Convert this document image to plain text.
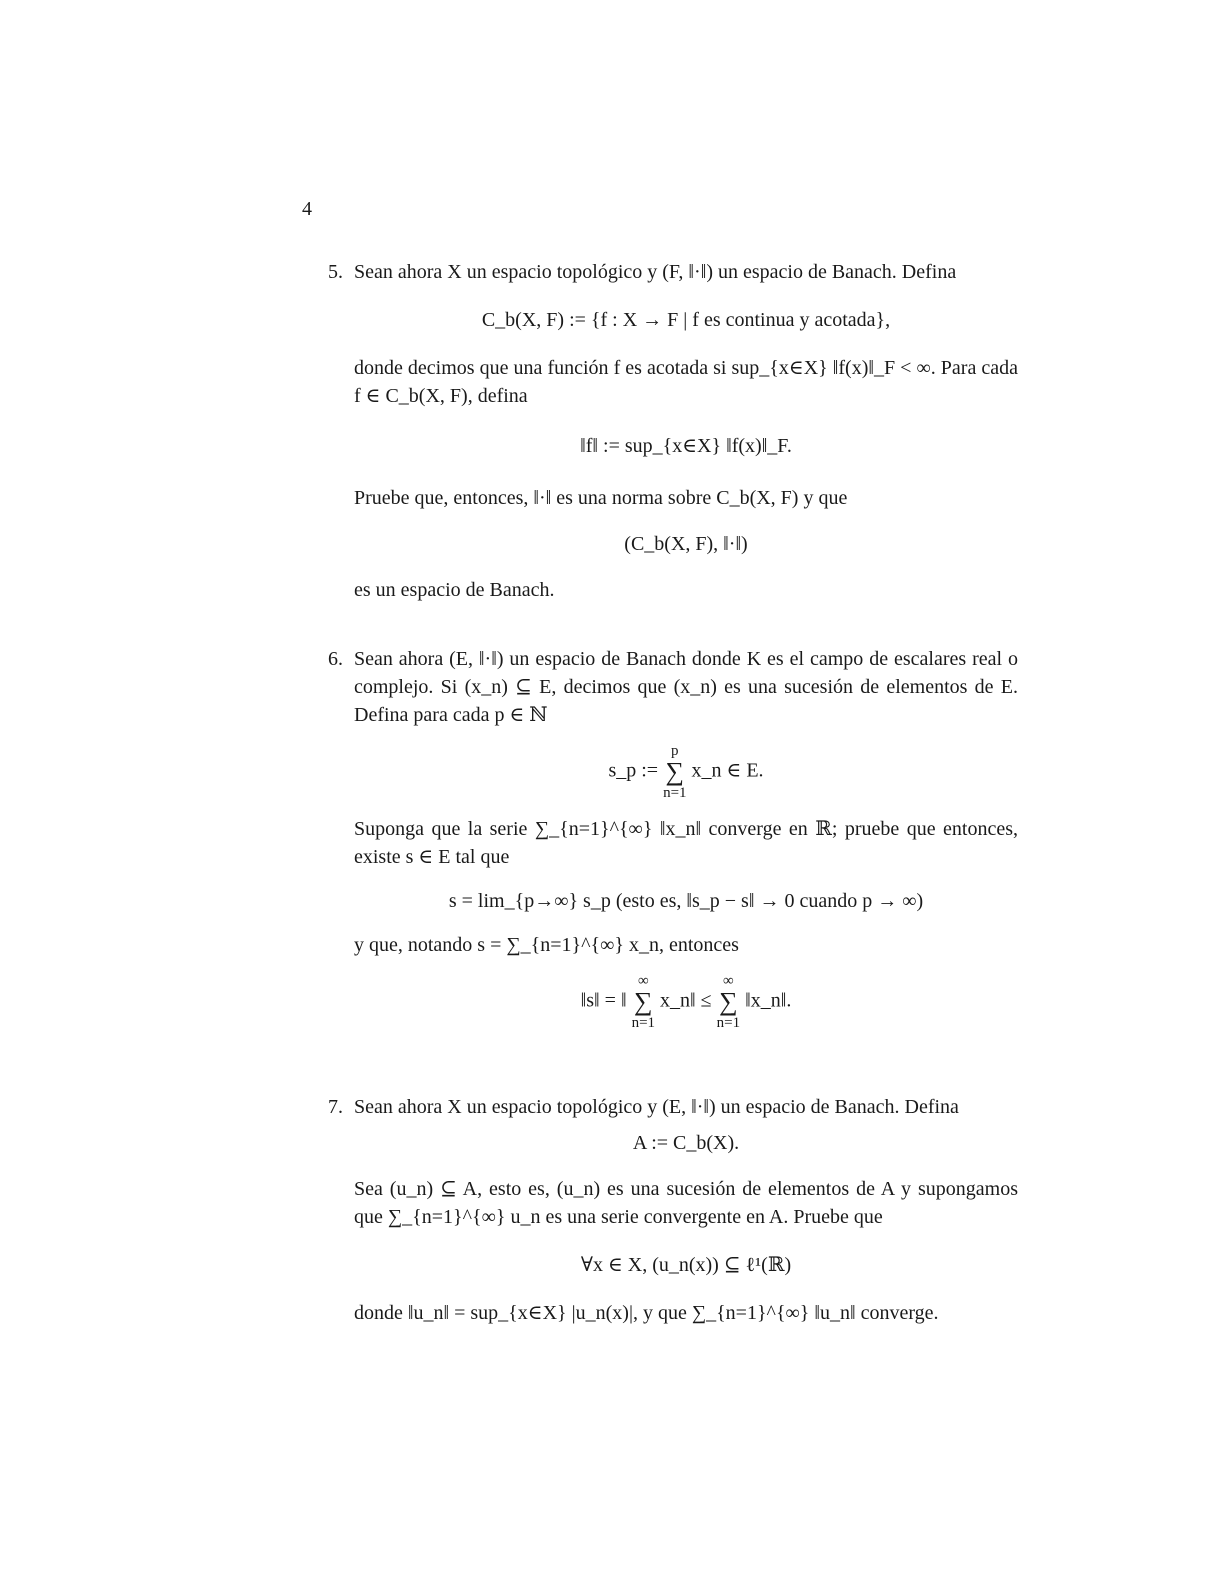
4
5. Sean ahora X un espacio topológico y (F, ‖·‖) un espacio de Banach. Defina

C_b(X, F) := {f : X → F | f es continua y acotada},

donde decimos que una función f es acotada si sup_{x∈X} ‖f(x)‖_F < ∞. Para cada f ∈ C_b(X, F), defina

‖f‖ := sup_{x∈X} ‖f(x)‖_F.

Pruebe que, entonces, ‖·‖ es una norma sobre C_b(X, F) y que

(C_b(X, F), ‖·‖)

es un espacio de Banach.

6. Sean ahora (E, ‖·‖) un espacio de Banach donde K es el campo de escalares real o complejo. Si (x_n) ⊆ E, decimos que (x_n) es una sucesión de elementos de E. Defina para cada p ∈ ℕ

s_p :=
p
∑
n=1
x_n ∈ E.

Suponga que la serie ∑_{n=1}^{∞} ‖x_n‖ converge en ℝ; pruebe que entonces, existe s ∈ E tal que

s = lim_{p→∞} s_p (esto es, ‖s_p − s‖ → 0 cuando p → ∞)

y que, notando s = ∑_{n=1}^{∞} x_n, entonces

‖s‖ = ‖
∞
∑
n=1
x_n‖ ≤
∞
∑
n=1
‖x_n‖.

7. Sean ahora X un espacio topológico y (E, ‖·‖) un espacio de Banach. Defina

A := C_b(X).

Sea (u_n) ⊆ A, esto es, (u_n) es una sucesión de elementos de A y supongamos que ∑_{n=1}^{∞} u_n es una serie convergente en A. Pruebe que

∀x ∈ X, (u_n(x)) ⊆ ℓ¹(ℝ)

donde ‖u_n‖ = sup_{x∈X} |u_n(x)|, y que ∑_{n=1}^{∞} ‖u_n‖ converge.
